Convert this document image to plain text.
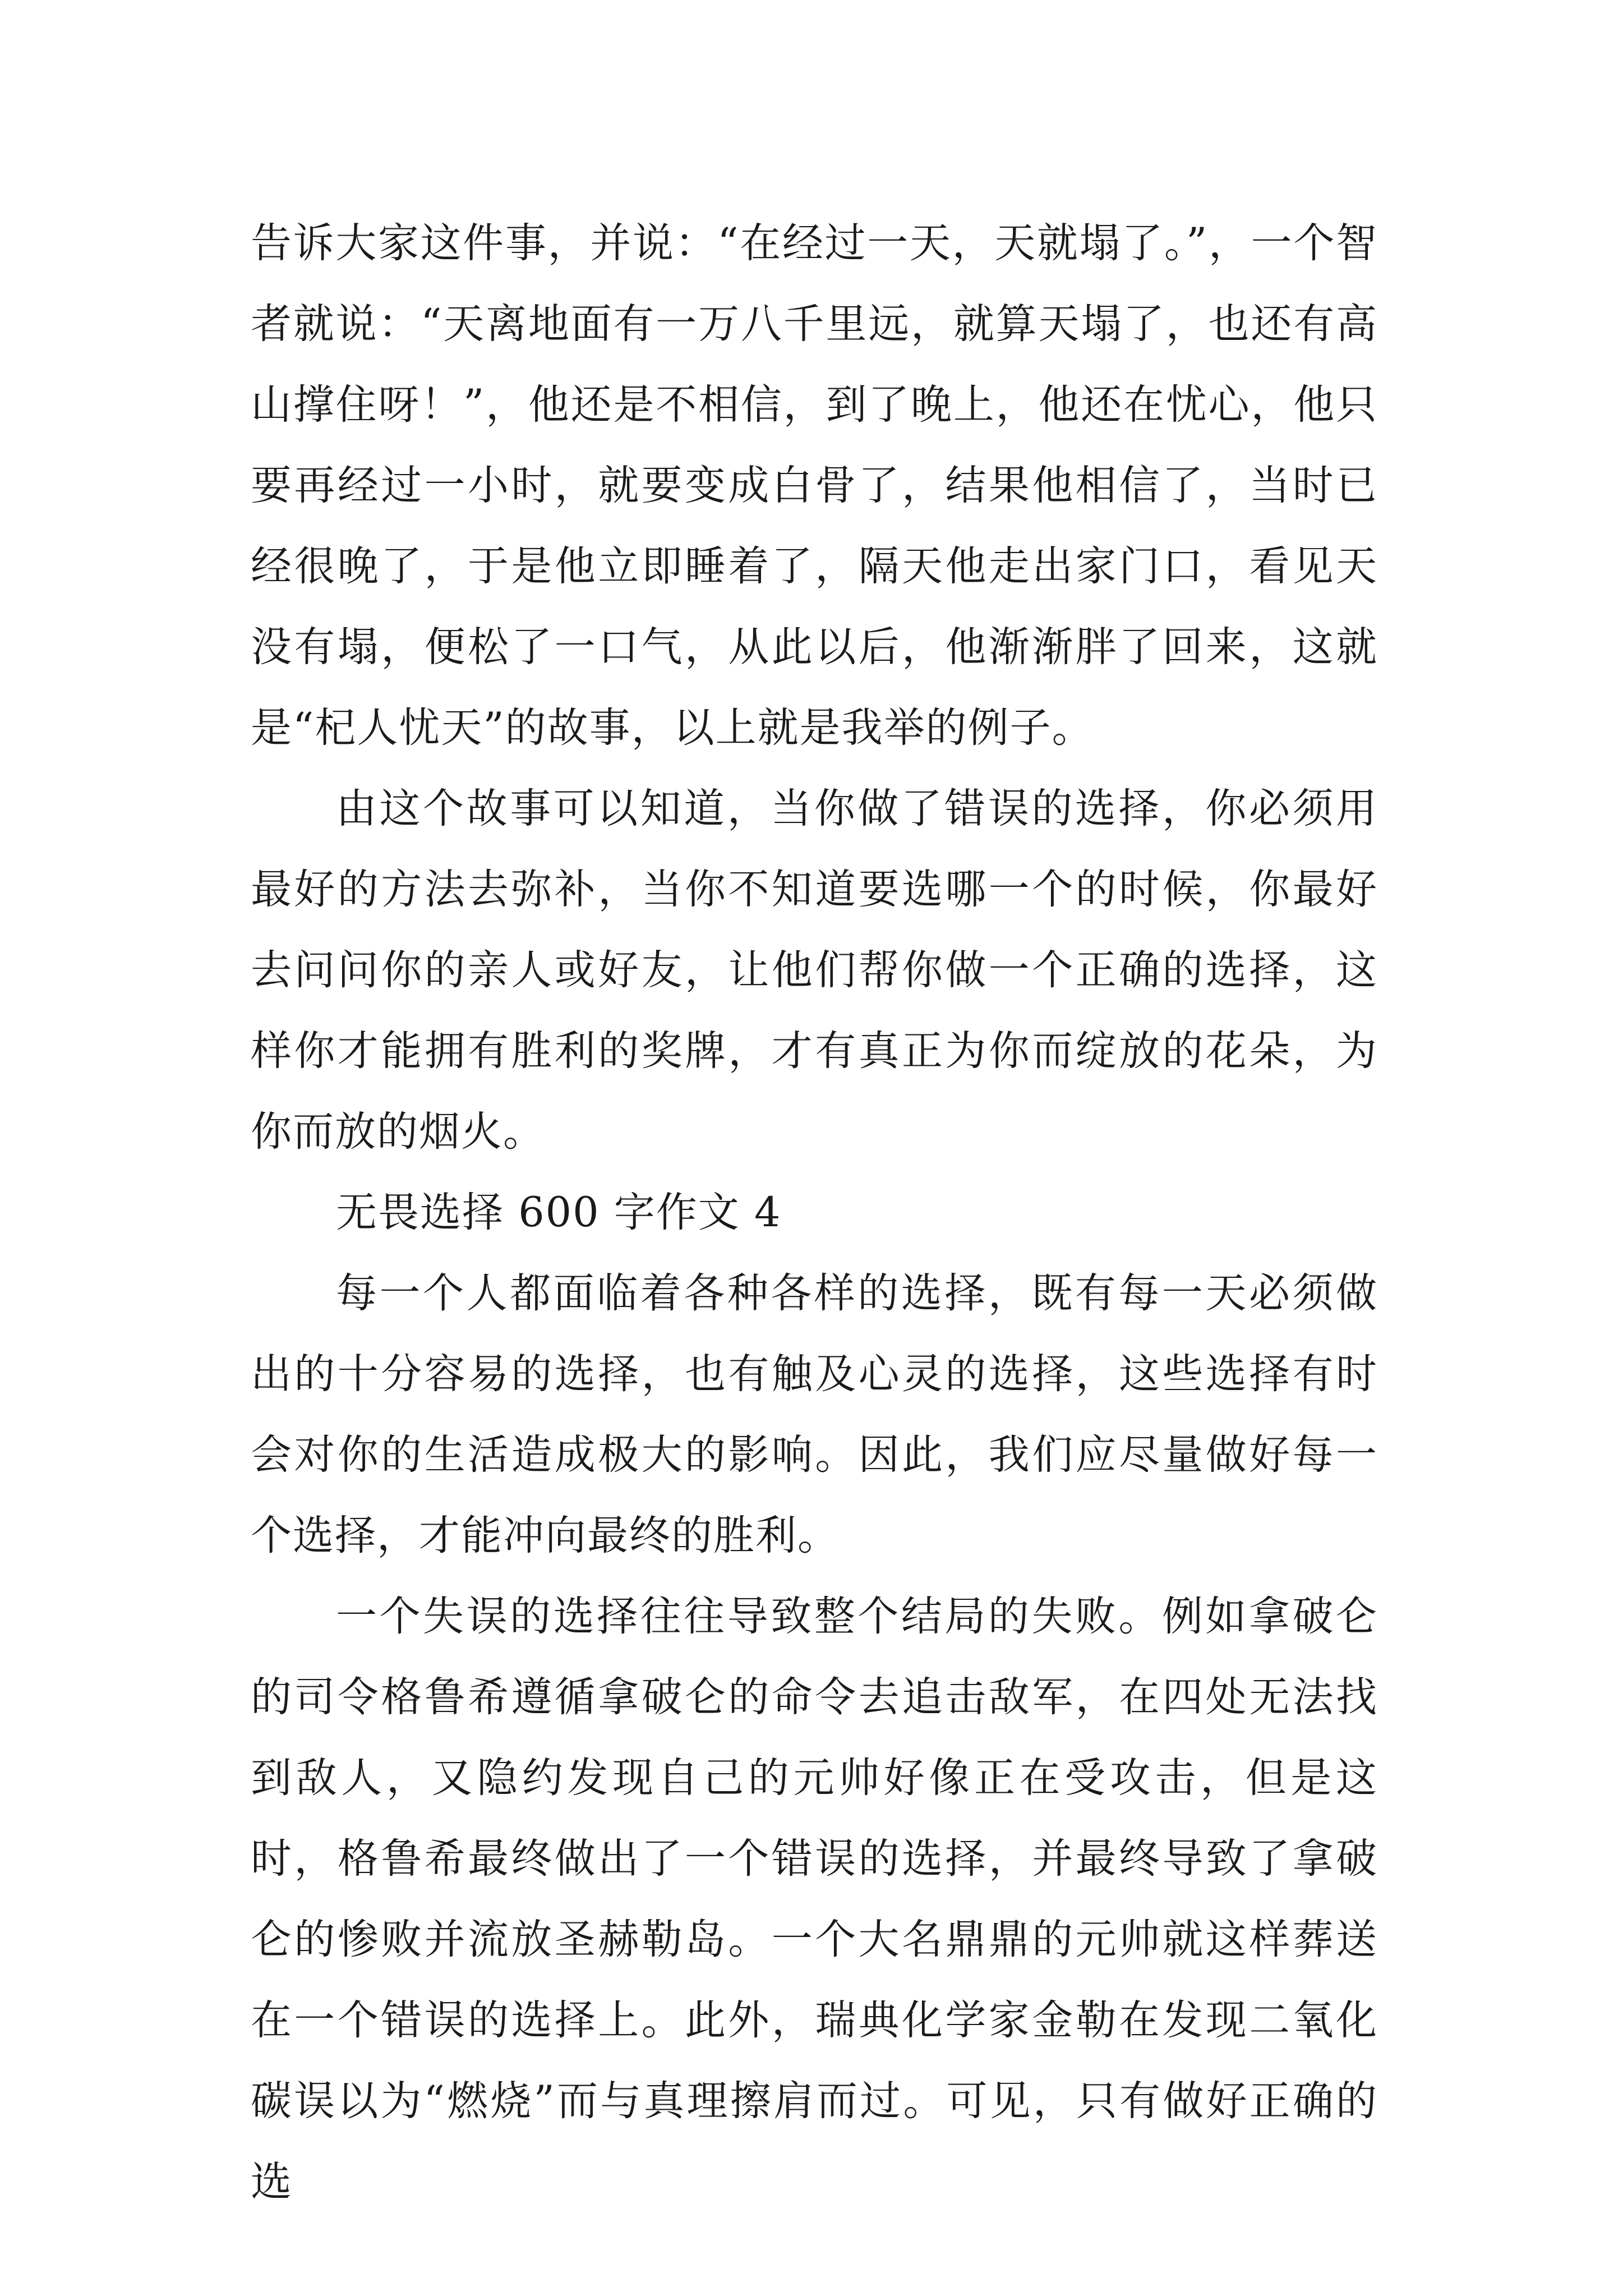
告诉大家这件事，并说：“在经过一天，天就塌了。”，一个智者就说：“天离地面有一万八千里远，就算天塌了，也还有高山撑住呀！”，他还是不相信，到了晚上，他还在忧心，他只要再经过一小时，就要变成白骨了，结果他相信了，当时已经很晚了，于是他立即睡着了，隔天他走出家门口，看见天没有塌，便松了一口气，从此以后，他渐渐胖了回来，这就是“杞人忧天”的故事，以上就是我举的例子。

由这个故事可以知道，当你做了错误的选择，你必须用最好的方法去弥补，当你不知道要选哪一个的时候，你最好去问问你的亲人或好友，让他们帮你做一个正确的选择，这样你才能拥有胜利的奖牌，才有真正为你而绽放的花朵，为你而放的烟火。

无畏选择 600 字作文 4

每一个人都面临着各种各样的选择，既有每一天必须做出的十分容易的选择，也有触及心灵的选择，这些选择有时会对你的生活造成极大的影响。因此，我们应尽量做好每一个选择，才能冲向最终的胜利。

一个失误的选择往往导致整个结局的失败。例如拿破仑的司令格鲁希遵循拿破仑的命令去追击敌军，在四处无法找到敌人，又隐约发现自己的元帅好像正在受攻击，但是这时，格鲁希最终做出了一个错误的选择，并最终导致了拿破仑的惨败并流放圣赫勒岛。一个大名鼎鼎的元帅就这样葬送在一个错误的选择上。此外，瑞典化学家金勒在发现二氧化碳误以为“燃烧”而与真理擦肩而过。可见，只有做好正确的选
